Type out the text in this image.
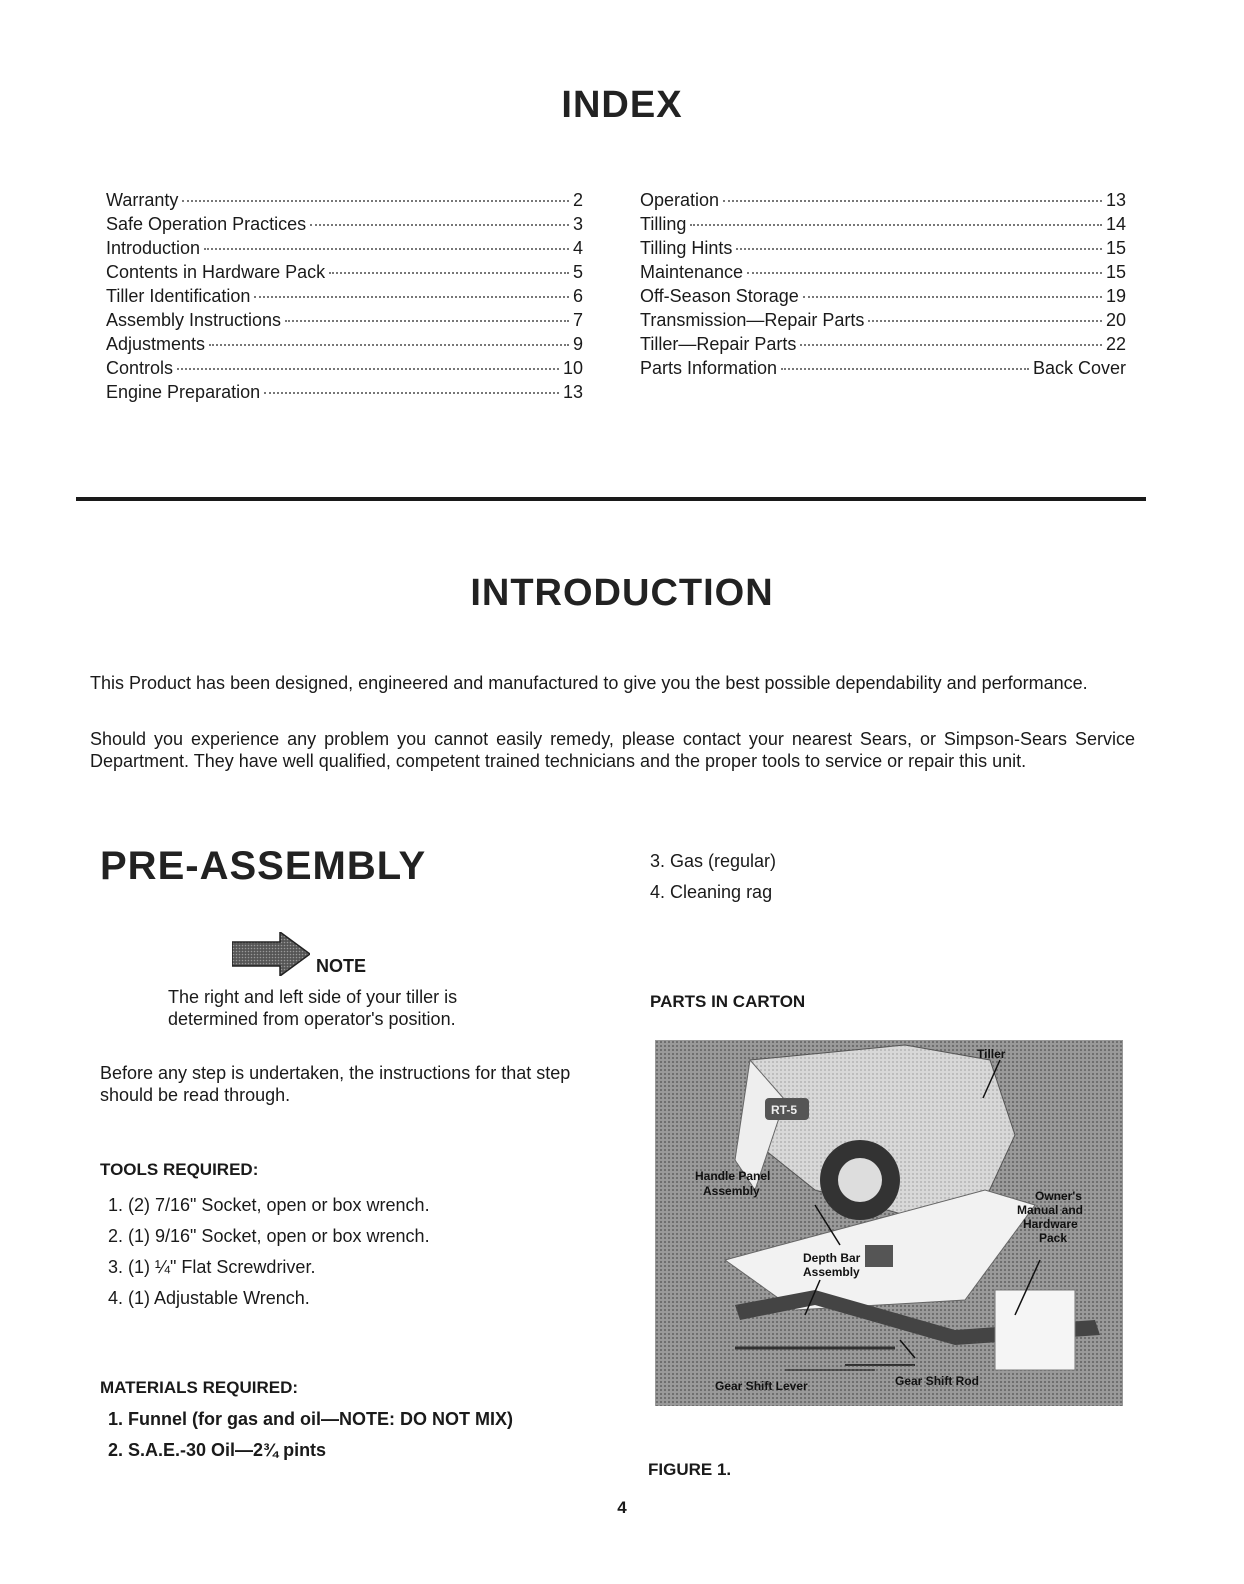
INDEX
Warranty	2
Safe Operation Practices	3
Introduction	4
Contents in Hardware Pack	5
Tiller Identification	6
Assembly Instructions	7
Adjustments	9
Controls	10
Engine Preparation	13
Operation	13
Tilling	14
Tilling Hints	15
Maintenance	15
Off-Season Storage	19
Transmission—Repair Parts	20
Tiller—Repair Parts	22
Parts Information	Back Cover
INTRODUCTION
This Product has been designed, engineered and manufactured to give you the best possible dependability and performance.
Should you experience any problem you cannot easily remedy, please contact your nearest Sears, or Simpson-Sears Service Department. They have well qualified, competent trained technicians and the proper tools to service or repair this unit.
PRE-ASSEMBLY
NOTE
The right and left side of your tiller is determined from operator's position.
Before any step is undertaken, the instructions for that step should be read through.
TOOLS REQUIRED:
1. (2) 7/16" Socket, open or box wrench.
2. (1) 9/16" Socket, open or box wrench.
3. (1) ¼" Flat Screwdriver.
4. (1) Adjustable Wrench.
MATERIALS REQUIRED:
1. Funnel (for gas and oil—NOTE: DO NOT MIX)
2. S.A.E.-30 Oil—2¾ pints
3. Gas (regular)
4. Cleaning rag
PARTS IN CARTON
RT-5
Tiller
Handle Panel
Assembly	Owner's
Manual and
Hardware
Pack
Depth Bar
Assembly
Gear Shift Lever	Gear Shift Rod
FIGURE 1.
4
